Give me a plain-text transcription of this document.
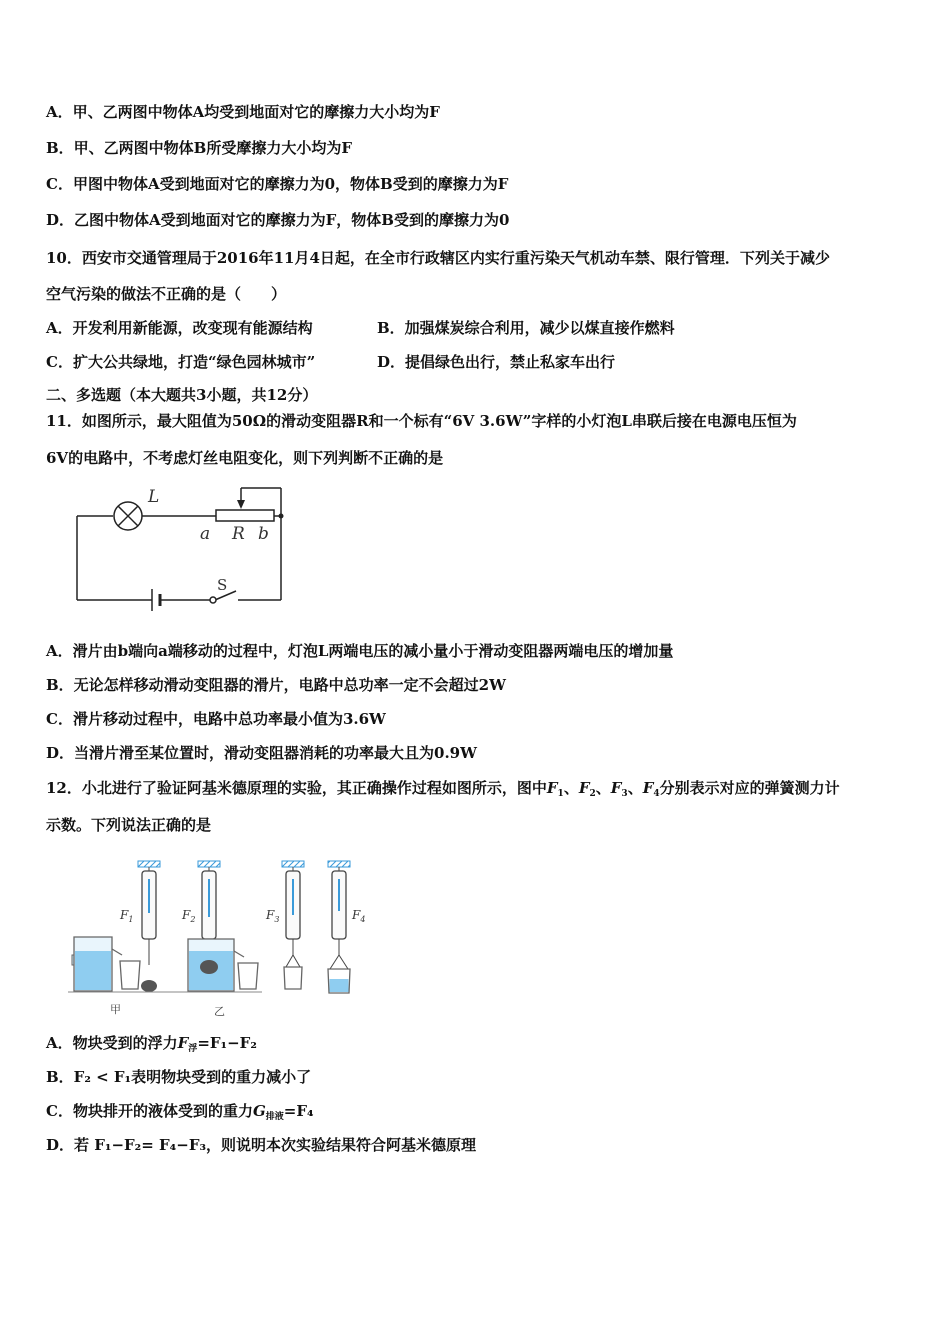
A．甲、乙两图中物体A均受到地面对它的摩擦力大小均为F
B．甲、乙两图中物体B所受摩擦力大小均为F
C．甲图中物体A受到地面对它的摩擦力为0，物体B受到的摩擦力为F
D．乙图中物体A受到地面对它的摩擦力为F，物体B受到的摩擦力为0
10．西安市交通管理局于2016年11月4日起，在全市行政辖区内实行重污染天气机动车禁、限行管理．下列关于减少
空气污染的做法不正确的是（　　）
A．开发利用新能源，改变现有能源结构	B．加强煤炭综合利用，减少以煤直接作燃料
C．扩大公共绿地，打造“绿色园林城市”	D．提倡绿色出行，禁止私家车出行
二、多选题（本大题共3小题，共12分）
11．如图所示，最大阻值为50Ω的滑动变阻器R和一个标有“6V 3.6W”字样的小灯泡L串联后接在电源电压恒为
6V的电路中，不考虑灯丝电阻变化，则下列判断不正确的是
L
a R b
S
A．滑片由b端向a端移动的过程中，灯泡L两端电压的减小量小于滑动变阻器两端电压的增加量
B．无论怎样移动滑动变阻器的滑片，电路中总功率一定不会超过2W
C．滑片移动过程中，电路中总功率最小值为3.6W
D．当滑片滑至某位置时，滑动变阻器消耗的功率最大且为0.9W
12．小北进行了验证阿基米德原理的实验，其正确操作过程如图所示，图中$F_1$、$F_2$、$F_3$、$F_4$分别表示对应的弹簧测力计
示数。下列说法正确的是
$F_1$	$F_2$	$F_3$	$F_4$
甲	乙
A．物块受到的浮力$F_浮=F_1-F_2$
B．F₂ < F₁表明物块受到的重力减小了
C．物块排开的液体受到的重力$G_{排液}=F_4$
D．若 F₁−F₂= F₄−F₃，则说明本次实验结果符合阿基米德原理
